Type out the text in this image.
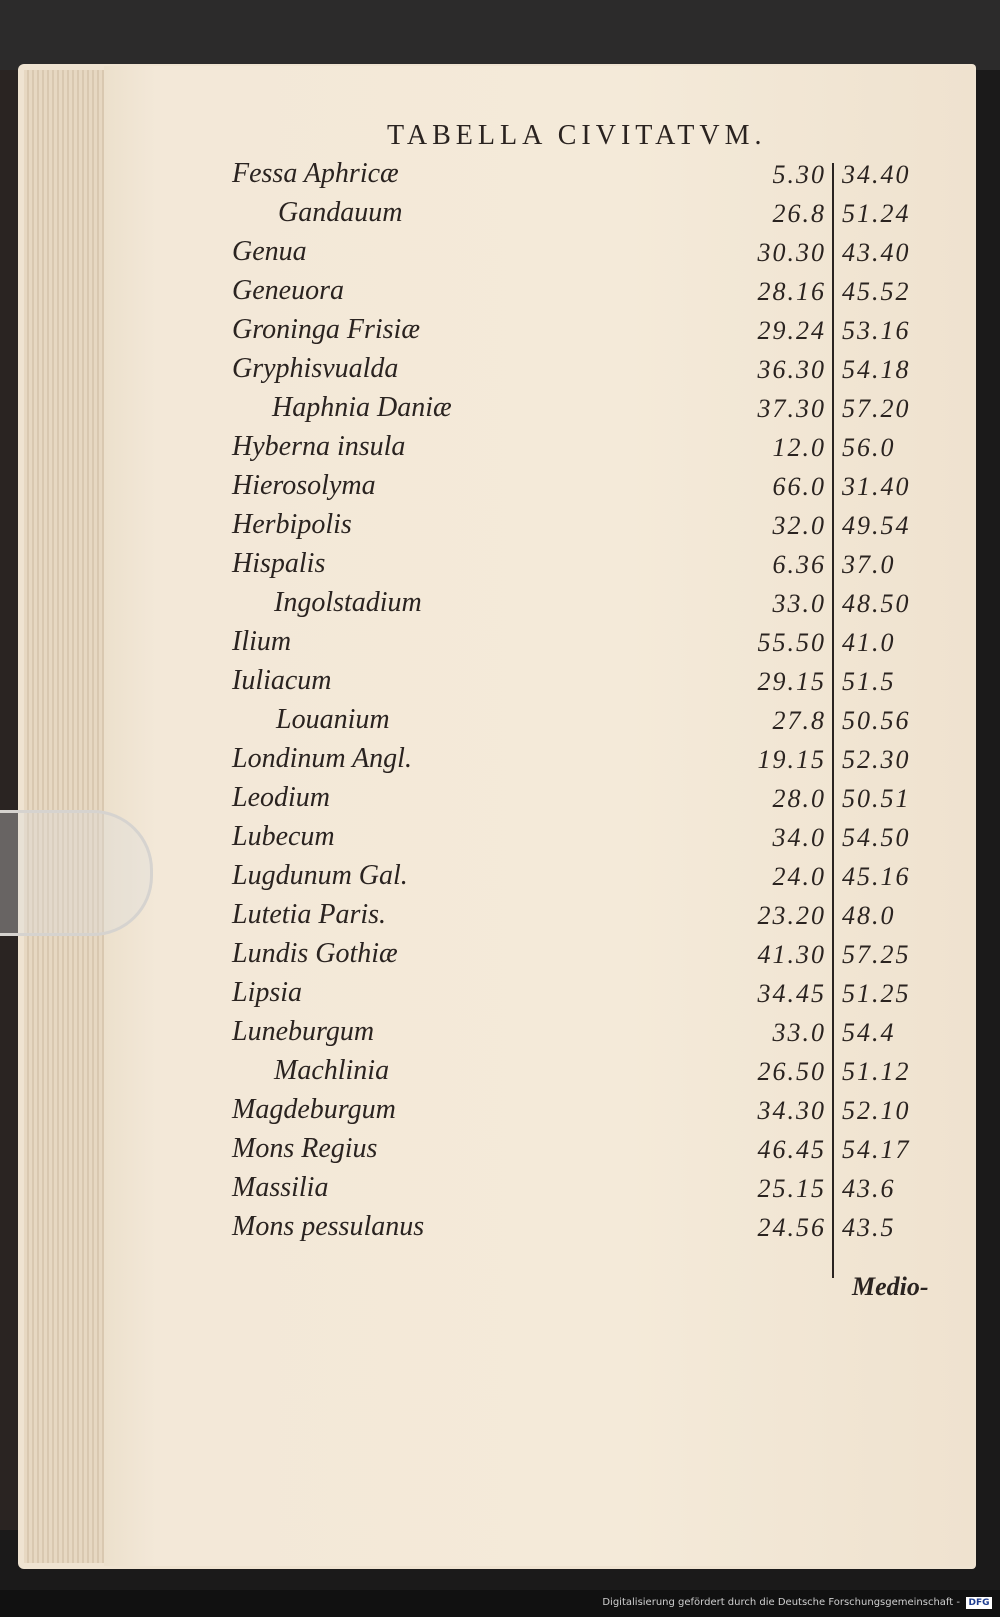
TABELLA CIVITATVM.
Fessa Aphricæ	5.30 34.40
Gandauum	26.8 51.24
Genua	30.30 43.40
Geneuora	28.16 45.52
Groninga Frisiæ	29.24 53.16
Gryphisvualda	36.30 54.18
Haphnia Daniæ	37.30 57.20
Hyberna insula	12.0 56.0
Hierosolyma	66.0 31.40
Herbipolis	32.0 49.54
Hispalis	6.36 37.0
Ingolstadium	33.0 48.50
Ilium	55.50 41.0
Iuliacum	29.15 51.5
Louanium	27.8 50.56
Londinum Angl.	19.15 52.30
Leodium	28.0 50.51
Lubecum	34.0 54.50
Lugdunum Gal.	24.0 45.16
Lutetia Paris.	23.20 48.0
Lundis Gothiæ	41.30 57.25
Lipsia	34.45 51.25
Luneburgum	33.0 54.4
Machlinia	26.50 51.12
Magdeburgum	34.30 52.10
Mons Regius	46.45 54.17
Massilia	25.15 43.6
Mons pessulanus	24.56 43.5
Medio-
Digitalisierung gefördert durch die Deutsche Forschungsgemeinschaft - DFG
